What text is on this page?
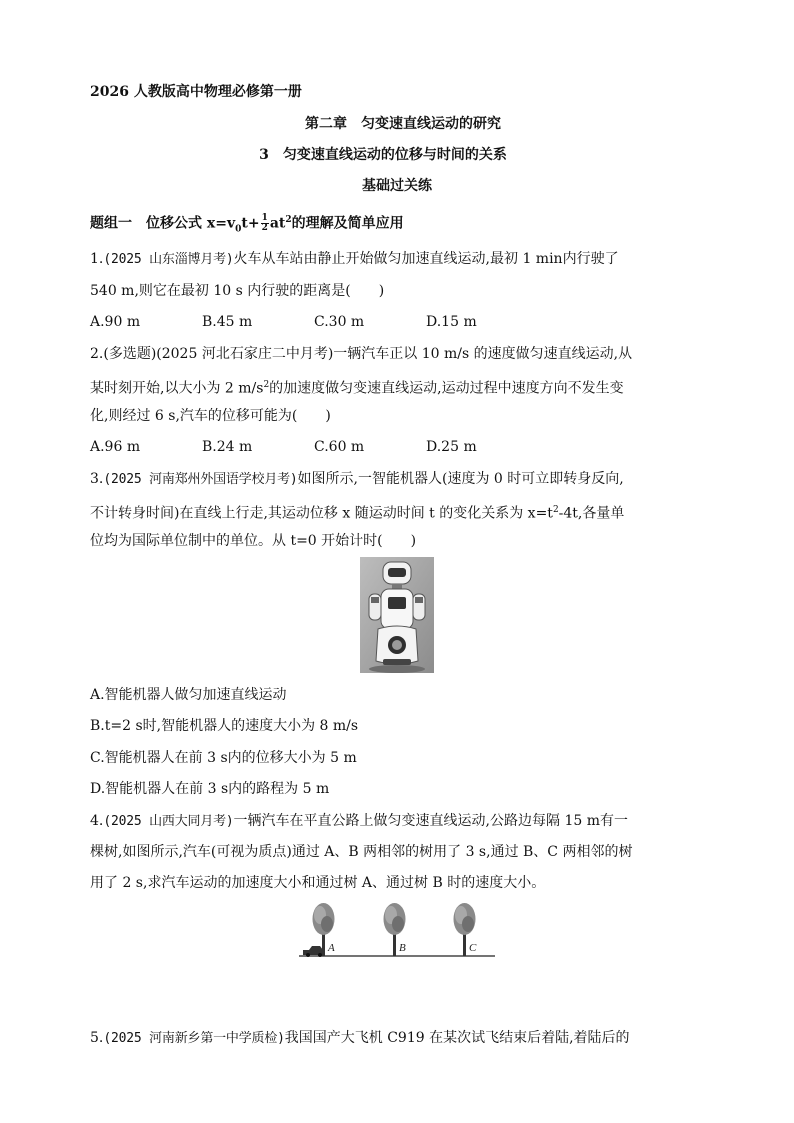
2026 人教版高中物理必修第一册
第二章　匀变速直线运动的研究
3　匀变速直线运动的位移与时间的关系
基础过关练
题组一　位移公式 $x=v_0t+ \frac{1}{2} at^2$的理解及简单应用
1.(2025 山东淄博月考)火车从车站由静止开始做匀加速直线运动,最初 1 min内行驶了
540 m,则它在最初 10 s 内行驶的距离是(　　)
A.90 m	B.45 m	C.30 m	D.15 m
2.(多选题)(2025 河北石家庄二中月考)一辆汽车正以 10 m/s 的速度做匀速直线运动,从
某时刻开始,以大小为 2 $m/s^2$的加速度做匀变速直线运动,运动过程中速度方向不发生变
化,则经过 6 s,汽车的位移可能为(　　)
A.96 m	B.24 m	C.60 m	D.25 m
3.(2025 河南郑州外国语学校月考)如图所示,一智能机器人(速度为 0 时可立即转身反向,
不计转身时间)在直线上行走,其运动位移 x 随运动时间 t 的变化关系为 $x=t^2-4t$,各量单
位均为国际单位制中的单位。从 t=0 开始计时(　　)
A.智能机器人做匀加速直线运动
B.t=2 s时,智能机器人的速度大小为 8 m/s
C.智能机器人在前 3 s内的位移大小为 5 m
D.智能机器人在前 3 s内的路程为 5 m
4.(2025 山西大同月考)一辆汽车在平直公路上做匀变速直线运动,公路边每隔 15 m有一
棵树,如图所示,汽车(可视为质点)通过 A、B 两相邻的树用了 3 s,通过 B、C 两相邻的树
用了 2 s,求汽车运动的加速度大小和通过树 A、通过树 B 时的速度大小。
A	B	C
5.(2025 河南新乡第一中学质检)我国国产大飞机 C919 在某次试飞结束后着陆,着陆后的
